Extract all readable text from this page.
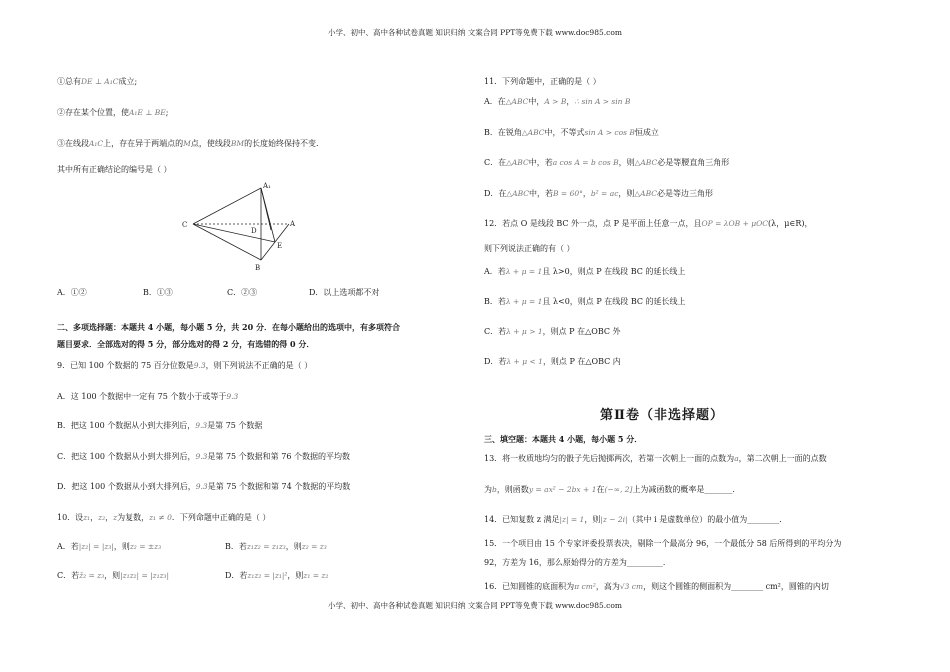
小学、初中、高中各种试卷真题 知识归纳 文案合同 PPT等免费下载 www.doc985.com
①总有DE ⊥ A₁C成立;
②存在某个位置，使A₁E ⊥ BE;
③在线段A₁C上，存在异于两端点的M点，使线段BM的长度始终保持不变.
其中所有正确结论的编号是（ ）
A₁
C
D
A
E
B
A．①②	B．①③	C．②③	D．以上选项都不对
二、多项选择题：本题共 4 小题，每小题 5 分，共 20 分．在每小题给出的选项中，有多项符合
题目要求．全部选对的得 5 分，部分选对的得 2 分，有选错的得 0 分．
9．已知 100 个数据的 75 百分位数是9.3，则下列说法不正确的是（ ）
A．这 100 个数据中一定有 75 个数小于或等于9.3
B．把这 100 个数据从小到大排列后，9.3是第 75 个数据
C．把这 100 个数据从小到大排列后，9.3是第 75 个数据和第 76 个数据的平均数
D．把这 100 个数据从小到大排列后，9.3是第 75 个数据和第 74 个数据的平均数
10．设z₁，z₂，z为复数，z₁ ≠ 0．下列命题中正确的是（ ）
A．若|z₂| = |z₃|，则z₂ = ±z₃	B．若z₁z₂ = z₁z₃，则z₂ = z₃
C．若z̄₂ = z₃，则|z₁z₂| = |z₁z₃|	D．若z₁z₂ = |z₁|²，则z₁ = z₂
11．下列命题中，正确的是（ ）
A．在△ABC中，A > B，∴ sin A > sin B
B．在锐角△ABC中，不等式sin A > cos B恒成立
C．在△ABC中，若a cos A = b cos B，则△ABC必是等腰直角三角形
D．在△ABC中，若B = 60°，b² = ac，则△ABC必是等边三角形
12．若点 O 是线段 BC 外一点，点 P 是平面上任意一点，且OP = λOB + μOC(λ，μ∈R)，
则下列说法正确的有（ ）
A．若λ + μ = 1且 λ>0，则点 P 在线段 BC 的延长线上
B．若λ + μ = 1且 λ<0，则点 P 在线段 BC 的延长线上
C．若λ + μ > 1，则点 P 在△OBC 外
D．若λ + μ < 1，则点 P 在△OBC 内
第Ⅱ卷（非选择题）
三、填空题：本题共 4 小题，每小题 5 分．
13．将一枚质地均匀的骰子先后抛掷两次，若第一次朝上一面的点数为a，第二次朝上一面的点数
为b，则函数y = ax² − 2bx + 1在(−∞, 2]上为减函数的概率是_______．
14．已知复数 z 满足|z| = 1，则|z − 2i|（其中 i 是虚数单位）的最小值为________．
15．一个项目由 15 个专家评委投票表决，剔除一个最高分 96，一个最低分 58 后所得到的平均分为
92，方差为 16，那么原始得分的方差为_________．
16．已知圆锥的底面积为π cm²，高为√3 cm，则这个圆锥的侧面积为________ cm²，圆锥的内切
小学、初中、高中各种试卷真题 知识归纳 文案合同 PPT等免费下载 www.doc985.com
